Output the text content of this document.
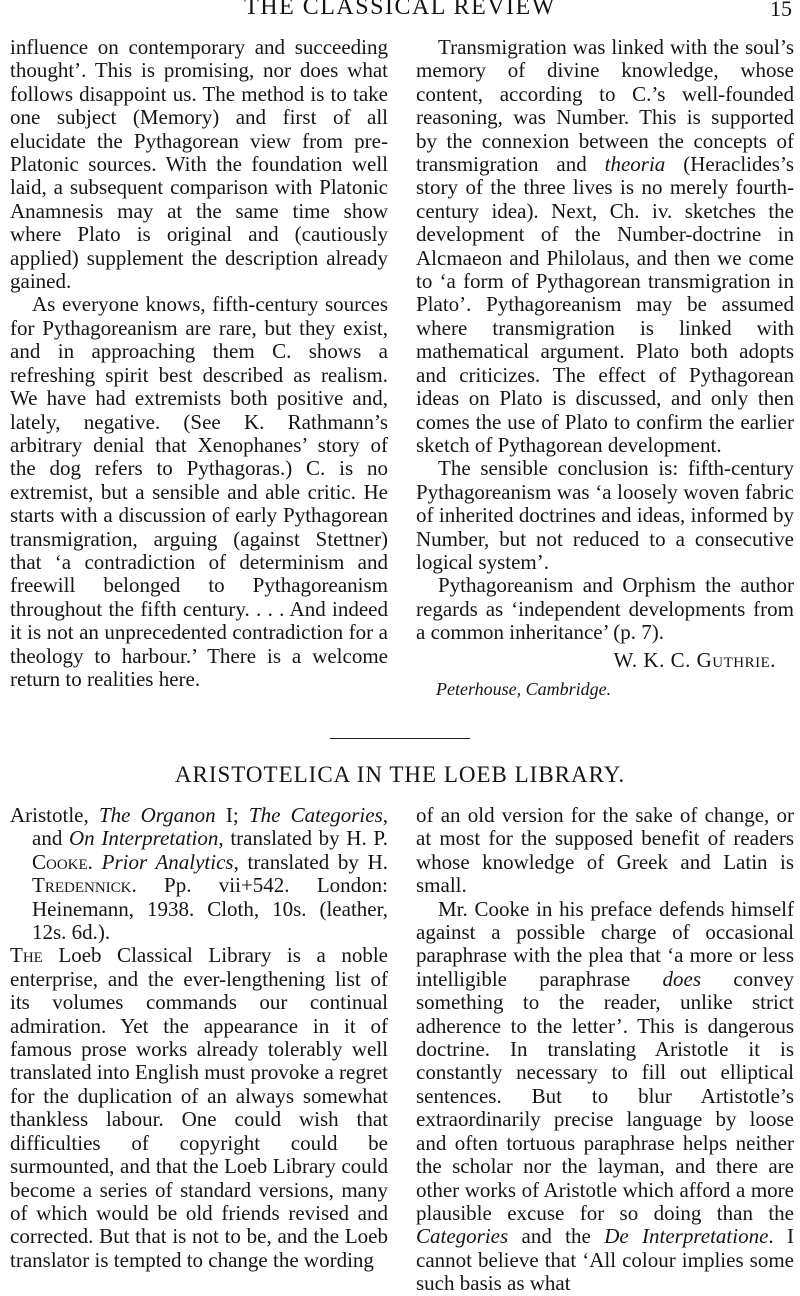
THE CLASSICAL REVIEW	15

influence on contemporary and succeeding thought’. This is promising, nor does what follows disappoint us. The method is to take one subject (Memory) and first of all elucidate the Pythagorean view from pre-Platonic sources. With the foundation well laid, a subsequent comparison with Platonic Anamnesis may at the same time show where Plato is original and (cautiously applied) supplement the description already gained.

As everyone knows, fifth-century sources for Pythagoreanism are rare, but they exist, and in approaching them C. shows a refreshing spirit best described as realism. We have had extremists both positive and, lately, negative. (See K. Rathmann’s arbitrary denial that Xenophanes’ story of the dog refers to Pythagoras.) C. is no extremist, but a sensible and able critic. He starts with a discussion of early Pythagorean transmigration, arguing (against Stettner) that ‘a contradiction of determinism and freewill belonged to Pythagoreanism throughout the fifth century. . . . And indeed it is not an unprecedented contradiction for a theology to harbour.’ There is a welcome return to realities here.

Transmigration was linked with the soul’s memory of divine knowledge, whose content, according to C.’s well-founded reasoning, was Number. This is supported by the connexion between the concepts of transmigration and theoria (Heraclides’s story of the three lives is no merely fourth-century idea). Next, Ch. iv. sketches the development of the Number-doctrine in Alcmaeon and Philolaus, and then we come to ‘a form of Pythagorean transmigration in Plato’. Pythagoreanism may be assumed where transmigration is linked with mathematical argument. Plato both adopts and criticizes. The effect of Pythagorean ideas on Plato is discussed, and only then comes the use of Plato to confirm the earlier sketch of Pythagorean development.

The sensible conclusion is: fifth-century Pythagoreanism was ‘a loosely woven fabric of inherited doctrines and ideas, informed by Number, but not reduced to a consecutive logical system’.

Pythagoreanism and Orphism the author regards as ‘independent developments from a common inheritance’ (p. 7).

W. K. C. Guthrie.
Peterhouse, Cambridge.
ARISTOTELICA IN THE LOEB LIBRARY.

Aristotle, The Organon I; The Categories, and On Interpretation, translated by H. P. Cooke. Prior Analytics, translated by H. Tredennick. Pp. vii+542. London: Heinemann, 1938. Cloth, 10s. (leather, 12s. 6d.).

The Loeb Classical Library is a noble enterprise, and the ever-lengthening list of its volumes commands our continual admiration. Yet the appearance in it of famous prose works already tolerably well translated into English must provoke a regret for the duplication of an always somewhat thankless labour. One could wish that difficulties of copyright could be surmounted, and that the Loeb Library could become a series of standard versions, many of which would be old friends revised and corrected. But that is not to be, and the Loeb translator is tempted to change the wording

of an old version for the sake of change, or at most for the supposed benefit of readers whose knowledge of Greek and Latin is small.

Mr. Cooke in his preface defends himself against a possible charge of occasional paraphrase with the plea that ‘a more or less intelligible paraphrase does convey something to the reader, unlike strict adherence to the letter’. This is dangerous doctrine. In translating Aristotle it is constantly necessary to fill out elliptical sentences. But to blur Artistotle’s extraordinarily precise language by loose and often tortuous paraphrase helps neither the scholar nor the layman, and there are other works of Aristotle which afford a more plausible excuse for so doing than the Categories and the De Interpretatione. I cannot believe that ‘All colour implies some such basis as what
